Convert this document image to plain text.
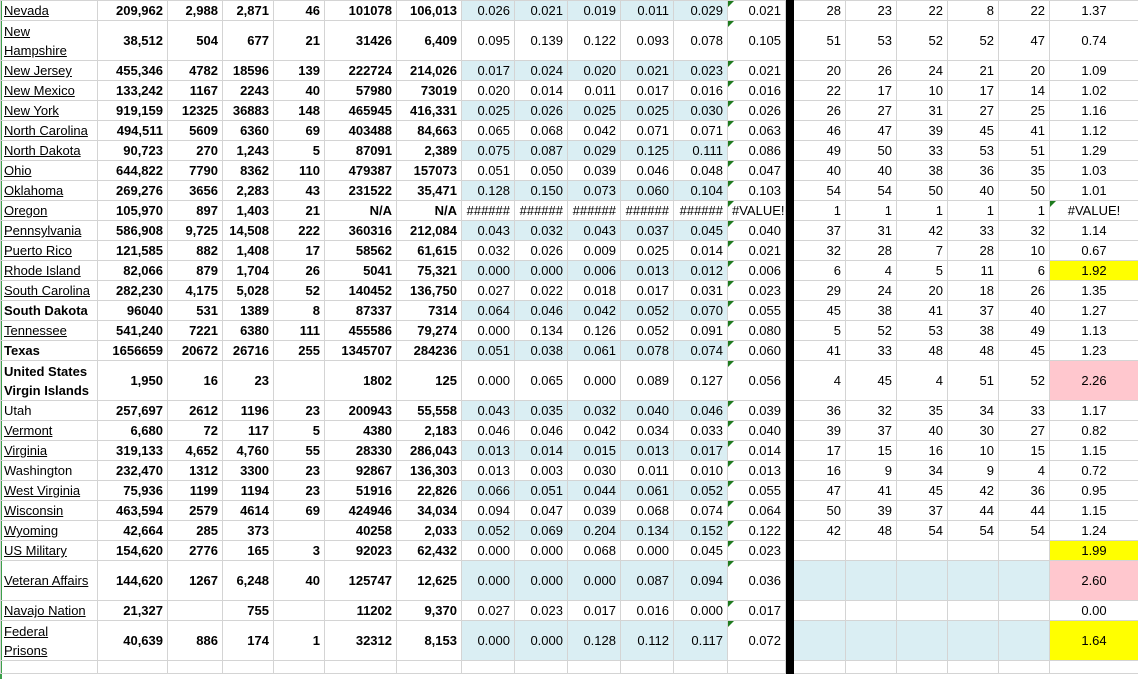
Nevada	209,962	2,988	2,871	46	101078	106,013	0.026	0.021	0.019	0.011	0.029	0.021		28	23	22	8	22	1.37
New Hampshire	38,512	504	677	21	31426	6,409	0.095	0.139	0.122	0.093	0.078	0.105		51	53	52	52	47	0.74
New Jersey	455,346	4782	18596	139	222724	214,026	0.017	0.024	0.020	0.021	0.023	0.021		20	26	24	21	20	1.09
New Mexico	133,242	1167	2243	40	57980	73019	0.020	0.014	0.011	0.017	0.016	0.016		22	17	10	17	14	1.02
New York	919,159	12325	36883	148	465945	416,331	0.025	0.026	0.025	0.025	0.030	0.026		26	27	31	27	25	1.16
North Carolina	494,511	5609	6360	69	403488	84,663	0.065	0.068	0.042	0.071	0.071	0.063		46	47	39	45	41	1.12
North Dakota	90,723	270	1,243	5	87091	2,389	0.075	0.087	0.029	0.125	0.111	0.086		49	50	33	53	51	1.29
Ohio	644,822	7790	8362	110	479387	157073	0.051	0.050	0.039	0.046	0.048	0.047		40	40	38	36	35	1.03
Oklahoma	269,276	3656	2,283	43	231522	35,471	0.128	0.150	0.073	0.060	0.104	0.103		54	54	50	40	50	1.01
Oregon	105,970	897	1,403	21	N/A	N/A	######	######	######	######	######	#VALUE!		1	1	1	1	1	#VALUE!
Pennsylvania	586,908	9,725	14,508	222	360316	212,084	0.043	0.032	0.043	0.037	0.045	0.040		37	31	42	33	32	1.14
Puerto Rico	121,585	882	1,408	17	58562	61,615	0.032	0.026	0.009	0.025	0.014	0.021		32	28	7	28	10	0.67
Rhode Island	82,066	879	1,704	26	5041	75,321	0.000	0.000	0.006	0.013	0.012	0.006		6	4	5	11	6	1.92
South Carolina	282,230	4,175	5,028	52	140452	136,750	0.027	0.022	0.018	0.017	0.031	0.023		29	24	20	18	26	1.35
South Dakota	96040	531	1389	8	87337	7314	0.064	0.046	0.042	0.052	0.070	0.055		45	38	41	37	40	1.27
Tennessee	541,240	7221	6380	111	455586	79,274	0.000	0.134	0.126	0.052	0.091	0.080		5	52	53	38	49	1.13
Texas	1656659	20672	26716	255	1345707	284236	0.051	0.038	0.061	0.078	0.074	0.060		41	33	48	48	45	1.23
United States Virgin Islands	1,950	16	23		1802	125	0.000	0.065	0.000	0.089	0.127	0.056		4	45	4	51	52	2.26
Utah	257,697	2612	1196	23	200943	55,558	0.043	0.035	0.032	0.040	0.046	0.039		36	32	35	34	33	1.17
Vermont	6,680	72	117	5	4380	2,183	0.046	0.046	0.042	0.034	0.033	0.040		39	37	40	30	27	0.82
Virginia	319,133	4,652	4,760	55	28330	286,043	0.013	0.014	0.015	0.013	0.017	0.014		17	15	16	10	15	1.15
Washington	232,470	1312	3300	23	92867	136,303	0.013	0.003	0.030	0.011	0.010	0.013		16	9	34	9	4	0.72
West Virginia	75,936	1199	1194	23	51916	22,826	0.066	0.051	0.044	0.061	0.052	0.055		47	41	45	42	36	0.95
Wisconsin	463,594	2579	4614	69	424946	34,034	0.094	0.047	0.039	0.068	0.074	0.064		50	39	37	44	44	1.15
Wyoming	42,664	285	373		40258	2,033	0.052	0.069	0.204	0.134	0.152	0.122		42	48	54	54	54	1.24
US Military	154,620	2776	165	3	92023	62,432	0.000	0.000	0.068	0.000	0.045	0.023							1.99
Veteran Affairs	144,620	1267	6,248	40	125747	12,625	0.000	0.000	0.000	0.087	0.094	0.036							2.60
Navajo Nation	21,327		755		11202	9,370	0.027	0.023	0.017	0.016	0.000	0.017							0.00
Federal Prisons	40,639	886	174	1	32312	8,153	0.000	0.000	0.128	0.112	0.117	0.072							1.64
